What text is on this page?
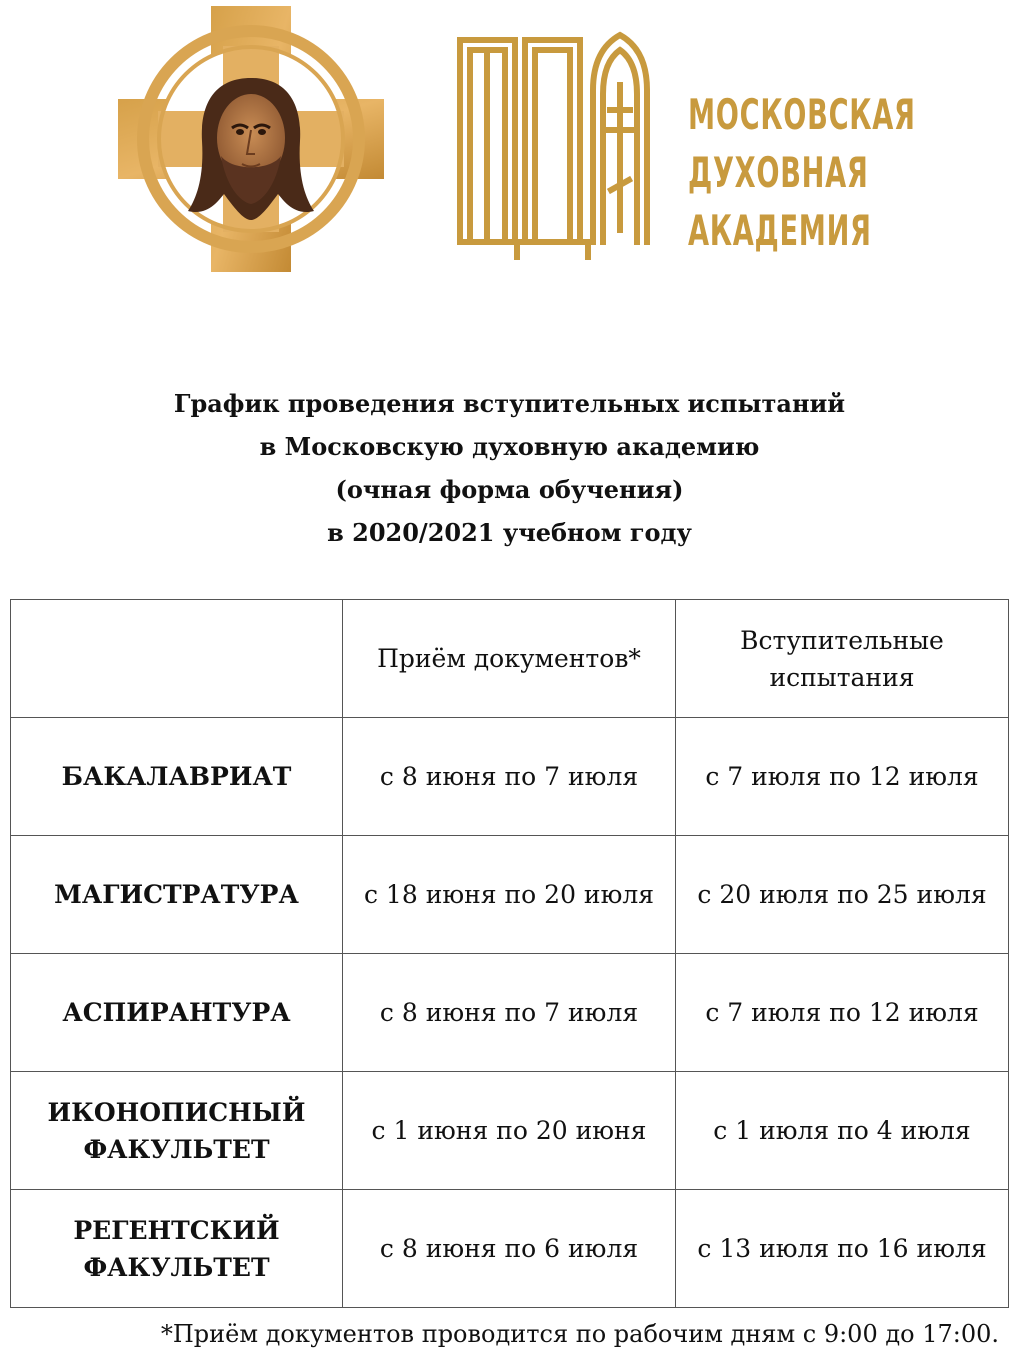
МОСКОВСКАЯ
ДУХОВНАЯ
АКАДЕМИЯ
График проведения вступительных испытаний
в Московскую духовную академию
(очная форма обучения)
в 2020/2021 учебном году
	Приём документов*	Вступительные
испытания

БАКАЛАВРИАТ	с 8 июня по 7 июля	с 7 июля по 12 июля

МАГИСТРАТУРА	с 18 июня по 20 июля	с 20 июля по 25 июля

АСПИРАНТУРА	с 8 июня по 7 июля	с 7 июля по 12 июля

ИКОНОПИСНЫЙ
ФАКУЛЬТЕТ	с 1 июня по 20 июня	с 1 июля по 4 июля

РЕГЕНТСКИЙ
ФАКУЛЬТЕТ	с 8 июня по 6 июля	с 13 июля по 16 июля
*Приём документов проводится по рабочим дням с 9:00 до 17:00.
